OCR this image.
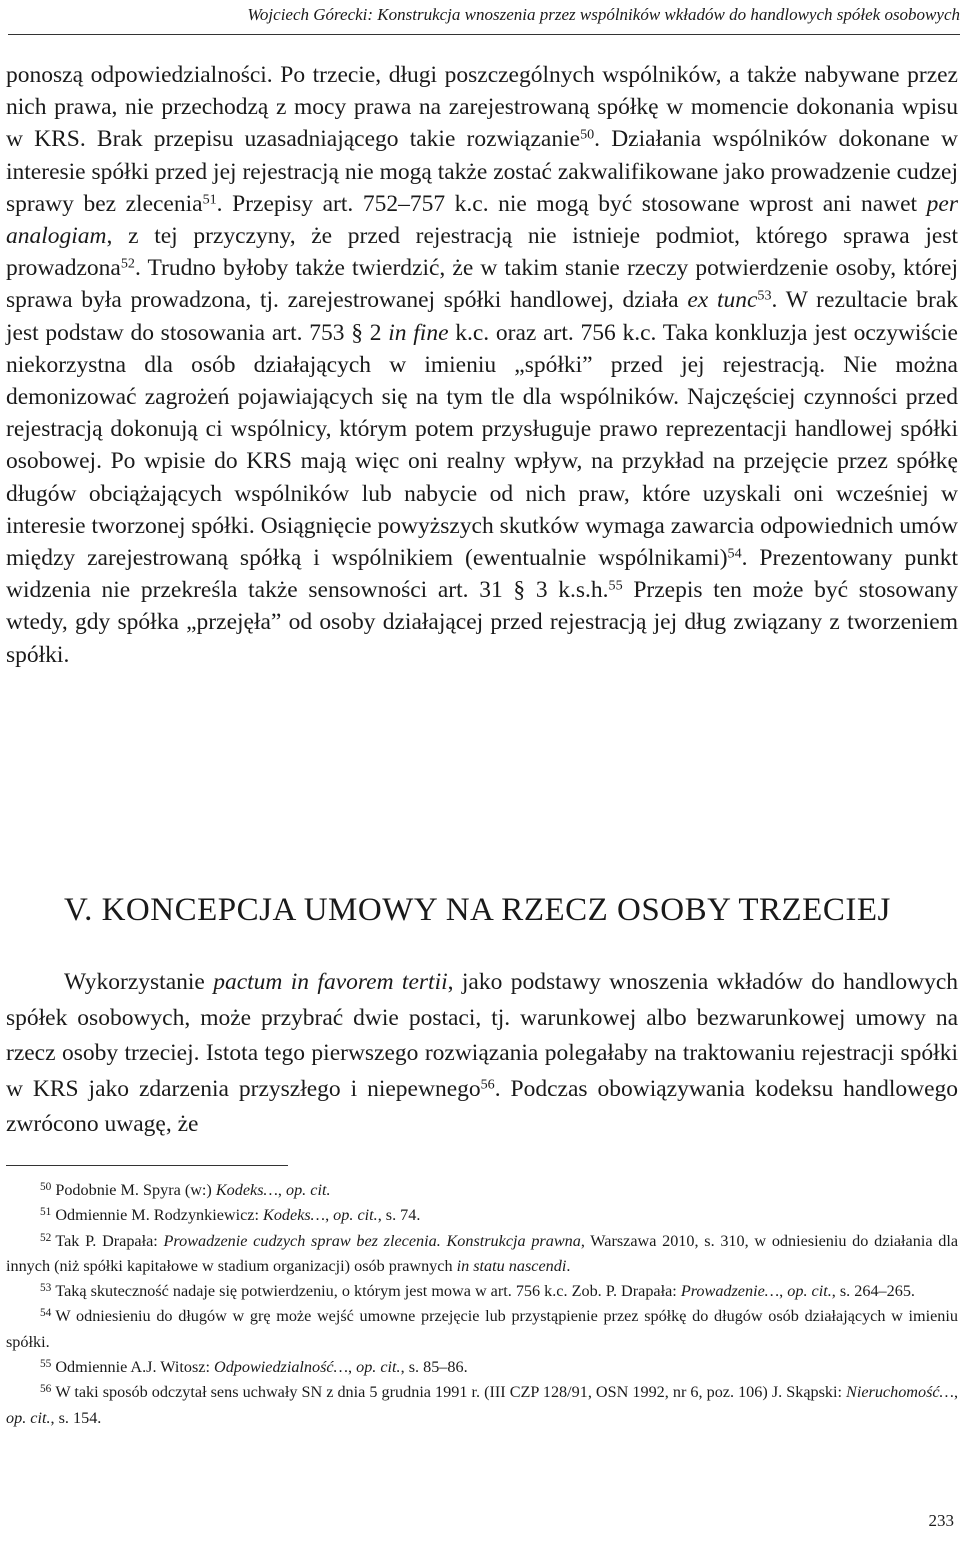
Wojciech Górecki: Konstrukcja wnoszenia przez wspólników wkładów do handlowych spółek osobowych

ponoszą odpowiedzialności. Po trzecie, długi poszczególnych wspólników, a także nabywane przez nich prawa, nie przechodzą z mocy prawa na zarejestrowaną spółkę w momencie dokonania wpisu w KRS. Brak przepisu uzasadniającego takie rozwiązanie$^{50}$. Działania wspólników dokonane w interesie spółki przed jej rejestracją nie mogą także zostać zakwalifikowane jako prowadzenie cudzej sprawy bez zlecenia$^{51}$. Przepisy art. 752–757 k.c. nie mogą być stosowane wprost ani nawet per analogiam, z tej przyczyny, że przed rejestracją nie istnieje podmiot, którego sprawa jest prowadzona$^{52}$. Trudno byłoby także twierdzić, że w takim stanie rzeczy potwierdzenie osoby, której sprawa była prowadzona, tj. zarejestrowanej spółki handlowej, działa ex tunc$^{53}$. W rezultacie brak jest podstaw do stosowania art. 753 § 2 in fine k.c. oraz art. 756 k.c. Taka konkluzja jest oczywiście niekorzystna dla osób działających w imieniu „spółki” przed jej rejestracją. Nie można demonizować zagrożeń pojawiających się na tym tle dla wspólników. Najczęściej czynności przed rejestracją dokonują ci wspólnicy, którym potem przysługuje prawo reprezentacji handlowej spółki osobowej. Po wpisie do KRS mają więc oni realny wpływ, na przykład na przejęcie przez spółkę długów obciążających wspólników lub nabycie od nich praw, które uzyskali oni wcześniej w interesie tworzonej spółki. Osiągnięcie powyższych skutków wymaga zawarcia odpowiednich umów między zarejestrowaną spółką i wspólnikiem (ewentualnie wspólnikami)$^{54}$. Prezentowany punkt widzenia nie przekreśla także sensowności art. 31 § 3 k.s.h.$^{55}$ Przepis ten może być stosowany wtedy, gdy spółka „przejęła” od osoby działającej przed rejestracją jej dług związany z tworzeniem spółki.

V. KONCEPCJA UMOWY NA RZECZ OSOBY TRZECIEJ

Wykorzystanie pactum in favorem tertii, jako podstawy wnoszenia wkładów do handlowych spółek osobowych, może przybrać dwie postaci, tj. warunkowej albo bezwarunkowej umowy na rzecz osoby trzeciej. Istota tego pierwszego rozwiązania polegałaby na traktowaniu rejestracji spółki w KRS jako zdarzenia przyszłego i niepewnego$^{56}$. Podczas obowiązywania kodeksu handlowego zwrócono uwagę, że

$^{50}$ Podobnie M. Spyra (w:) Kodeks…, op. cit.

$^{51}$ Odmiennie M. Rodzynkiewicz: Kodeks…, op. cit., s. 74.

$^{52}$ Tak P. Drapała: Prowadzenie cudzych spraw bez zlecenia. Konstrukcja prawna, Warszawa 2010, s. 310, w odniesieniu do działania dla innych (niż spółki kapitałowe w stadium organizacji) osób prawnych in statu nascendi.

$^{53}$ Taką skuteczność nadaje się potwierdzeniu, o którym jest mowa w art. 756 k.c. Zob. P. Drapała: Prowadzenie…, op. cit., s. 264–265.

$^{54}$ W odniesieniu do długów w grę może wejść umowne przejęcie lub przystąpienie przez spółkę do długów osób działających w imieniu spółki.

$^{55}$ Odmiennie A.J. Witosz: Odpowiedzialność…, op. cit., s. 85–86.

$^{56}$ W taki sposób odczytał sens uchwały SN z dnia 5 grudnia 1991 r. (III CZP 128/91, OSN 1992, nr 6, poz. 106) J. Skąpski: Nieruchomość…, op. cit., s. 154.

233
